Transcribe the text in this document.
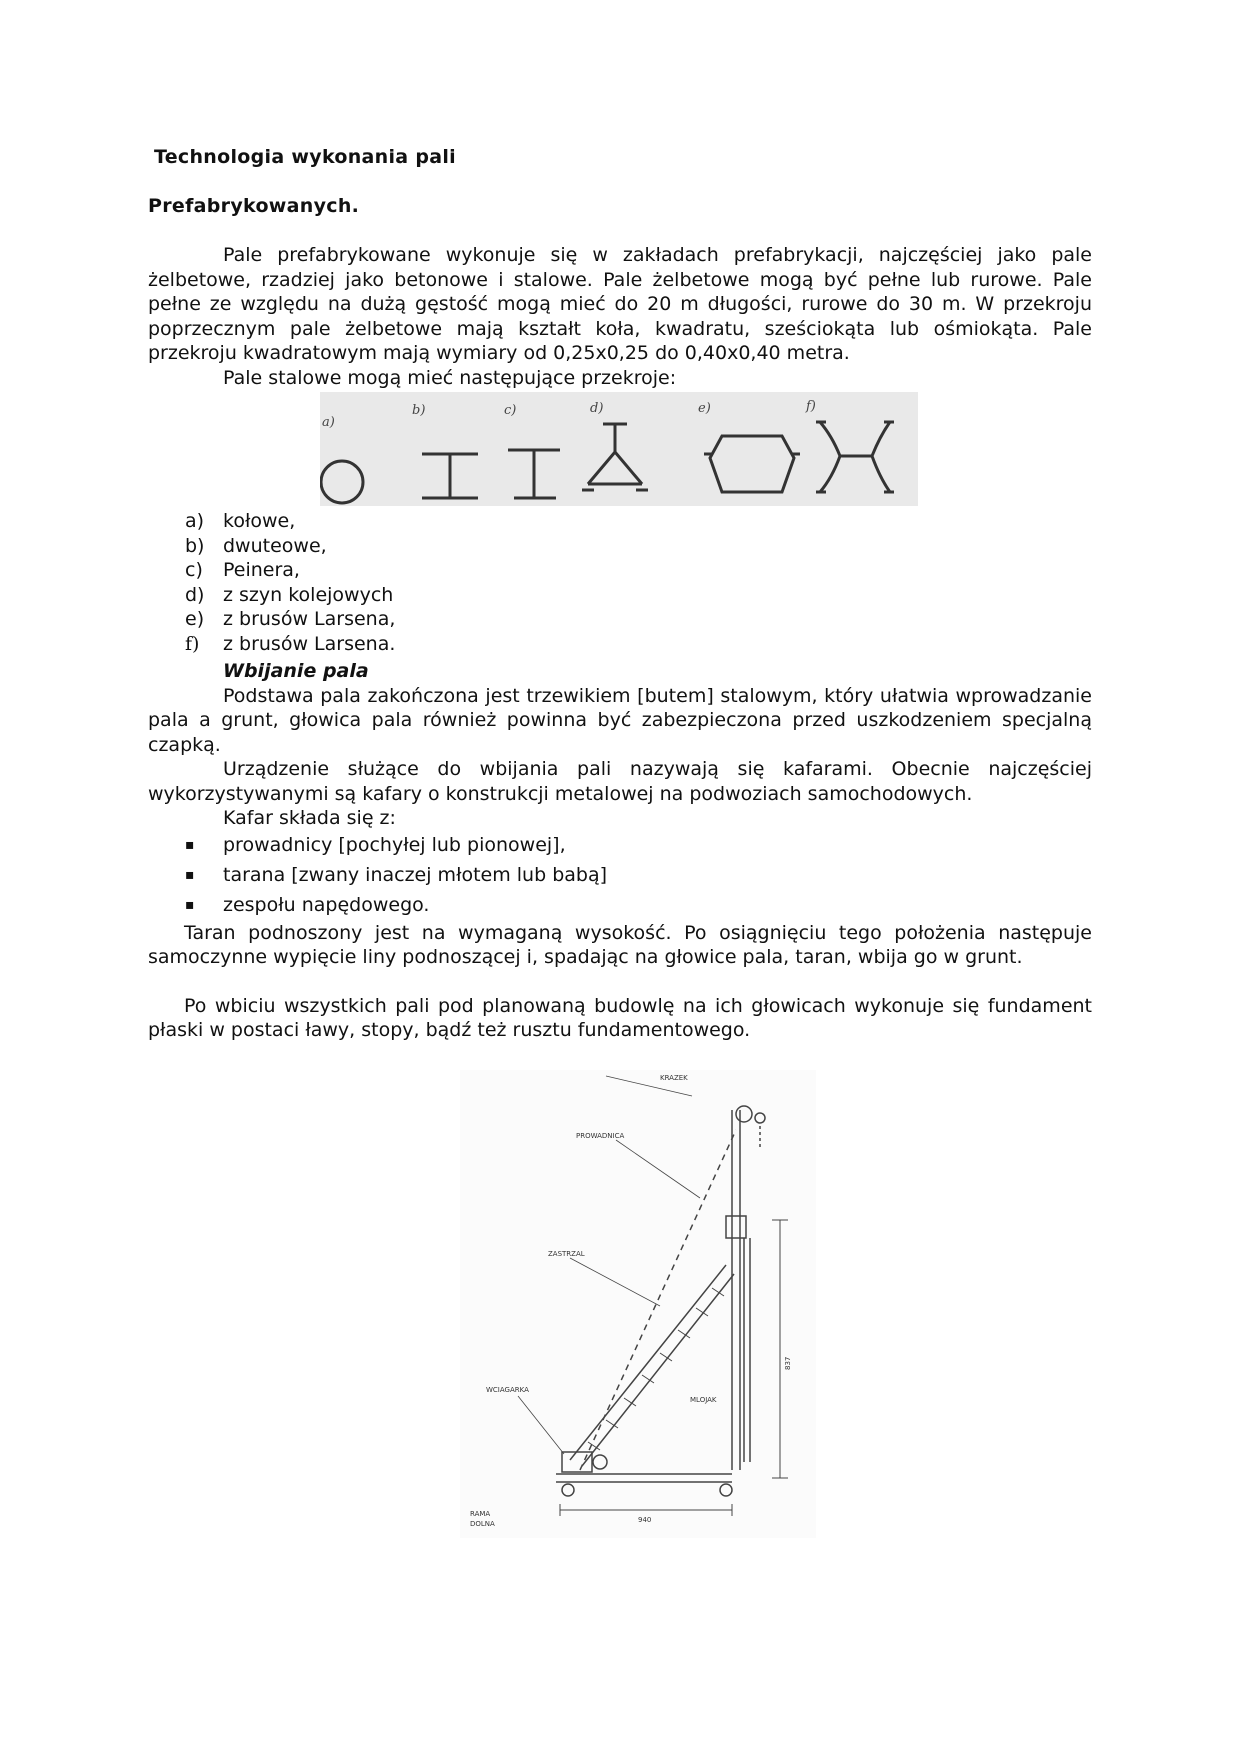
Technologia wykonania pali
Prefabrykowanych.

Pale prefabrykowane wykonuje się w zakładach prefabrykacji, najczęściej jako pale żelbetowe, rzadziej jako betonowe i stalowe. Pale żelbetowe mogą być pełne lub rurowe. Pale pełne ze względu na dużą gęstość mogą mieć do 20 m długości, rurowe do 30 m. W przekroju poprzecznym pale żelbetowe mają kształt koła, kwadratu, sześciokąta lub ośmiokąta. Pale przekroju kwadratowym mają wymiary od 0,25x0,25 do 0,40x0,40 metra.

Pale stalowe mogą mieć następujące przekroje:

a)
b)	c)	d)	e)	f)
a) kołowe,
b) dwuteowe,
c)	Peinera,
d) z szyn kolejowych
e) z brusów Larsena,
f)	z brusów Larsena.

Wbijanie pala

Podstawa pala zakończona jest trzewikiem [butem] stalowym, który ułatwia wprowadzanie pala a grunt, głowica pala również powinna być zabezpieczona przed uszkodzeniem specjalną czapką.

Urządzenie służące do wbijania pali nazywają się kafarami. Obecnie najczęściej wykorzystywanymi są kafary o konstrukcji metalowej na podwoziach samochodowych.

Kafar składa się z:

▪	prowadnicy [pochyłej lub pionowej],
▪	tarana [zwany inaczej młotem lub babą]
▪	zespołu napędowego.

Taran podnoszony jest na wymaganą wysokość. Po osiągnięciu tego położenia następuje samoczynne wypięcie liny podnoszącej i, spadając na głowice pala, taran, wbija go w grunt.

Po wbiciu wszystkich pali pod planowaną budowlę na ich głowicach wykonuje się fundament płaski w postaci ławy, stopy, bądź też rusztu fundamentowego.

KRAZEK
PROWADNICA
ZASTRZAL
WCIAGARKA
MLOJAK
RAMA
DOLNA
837
940
